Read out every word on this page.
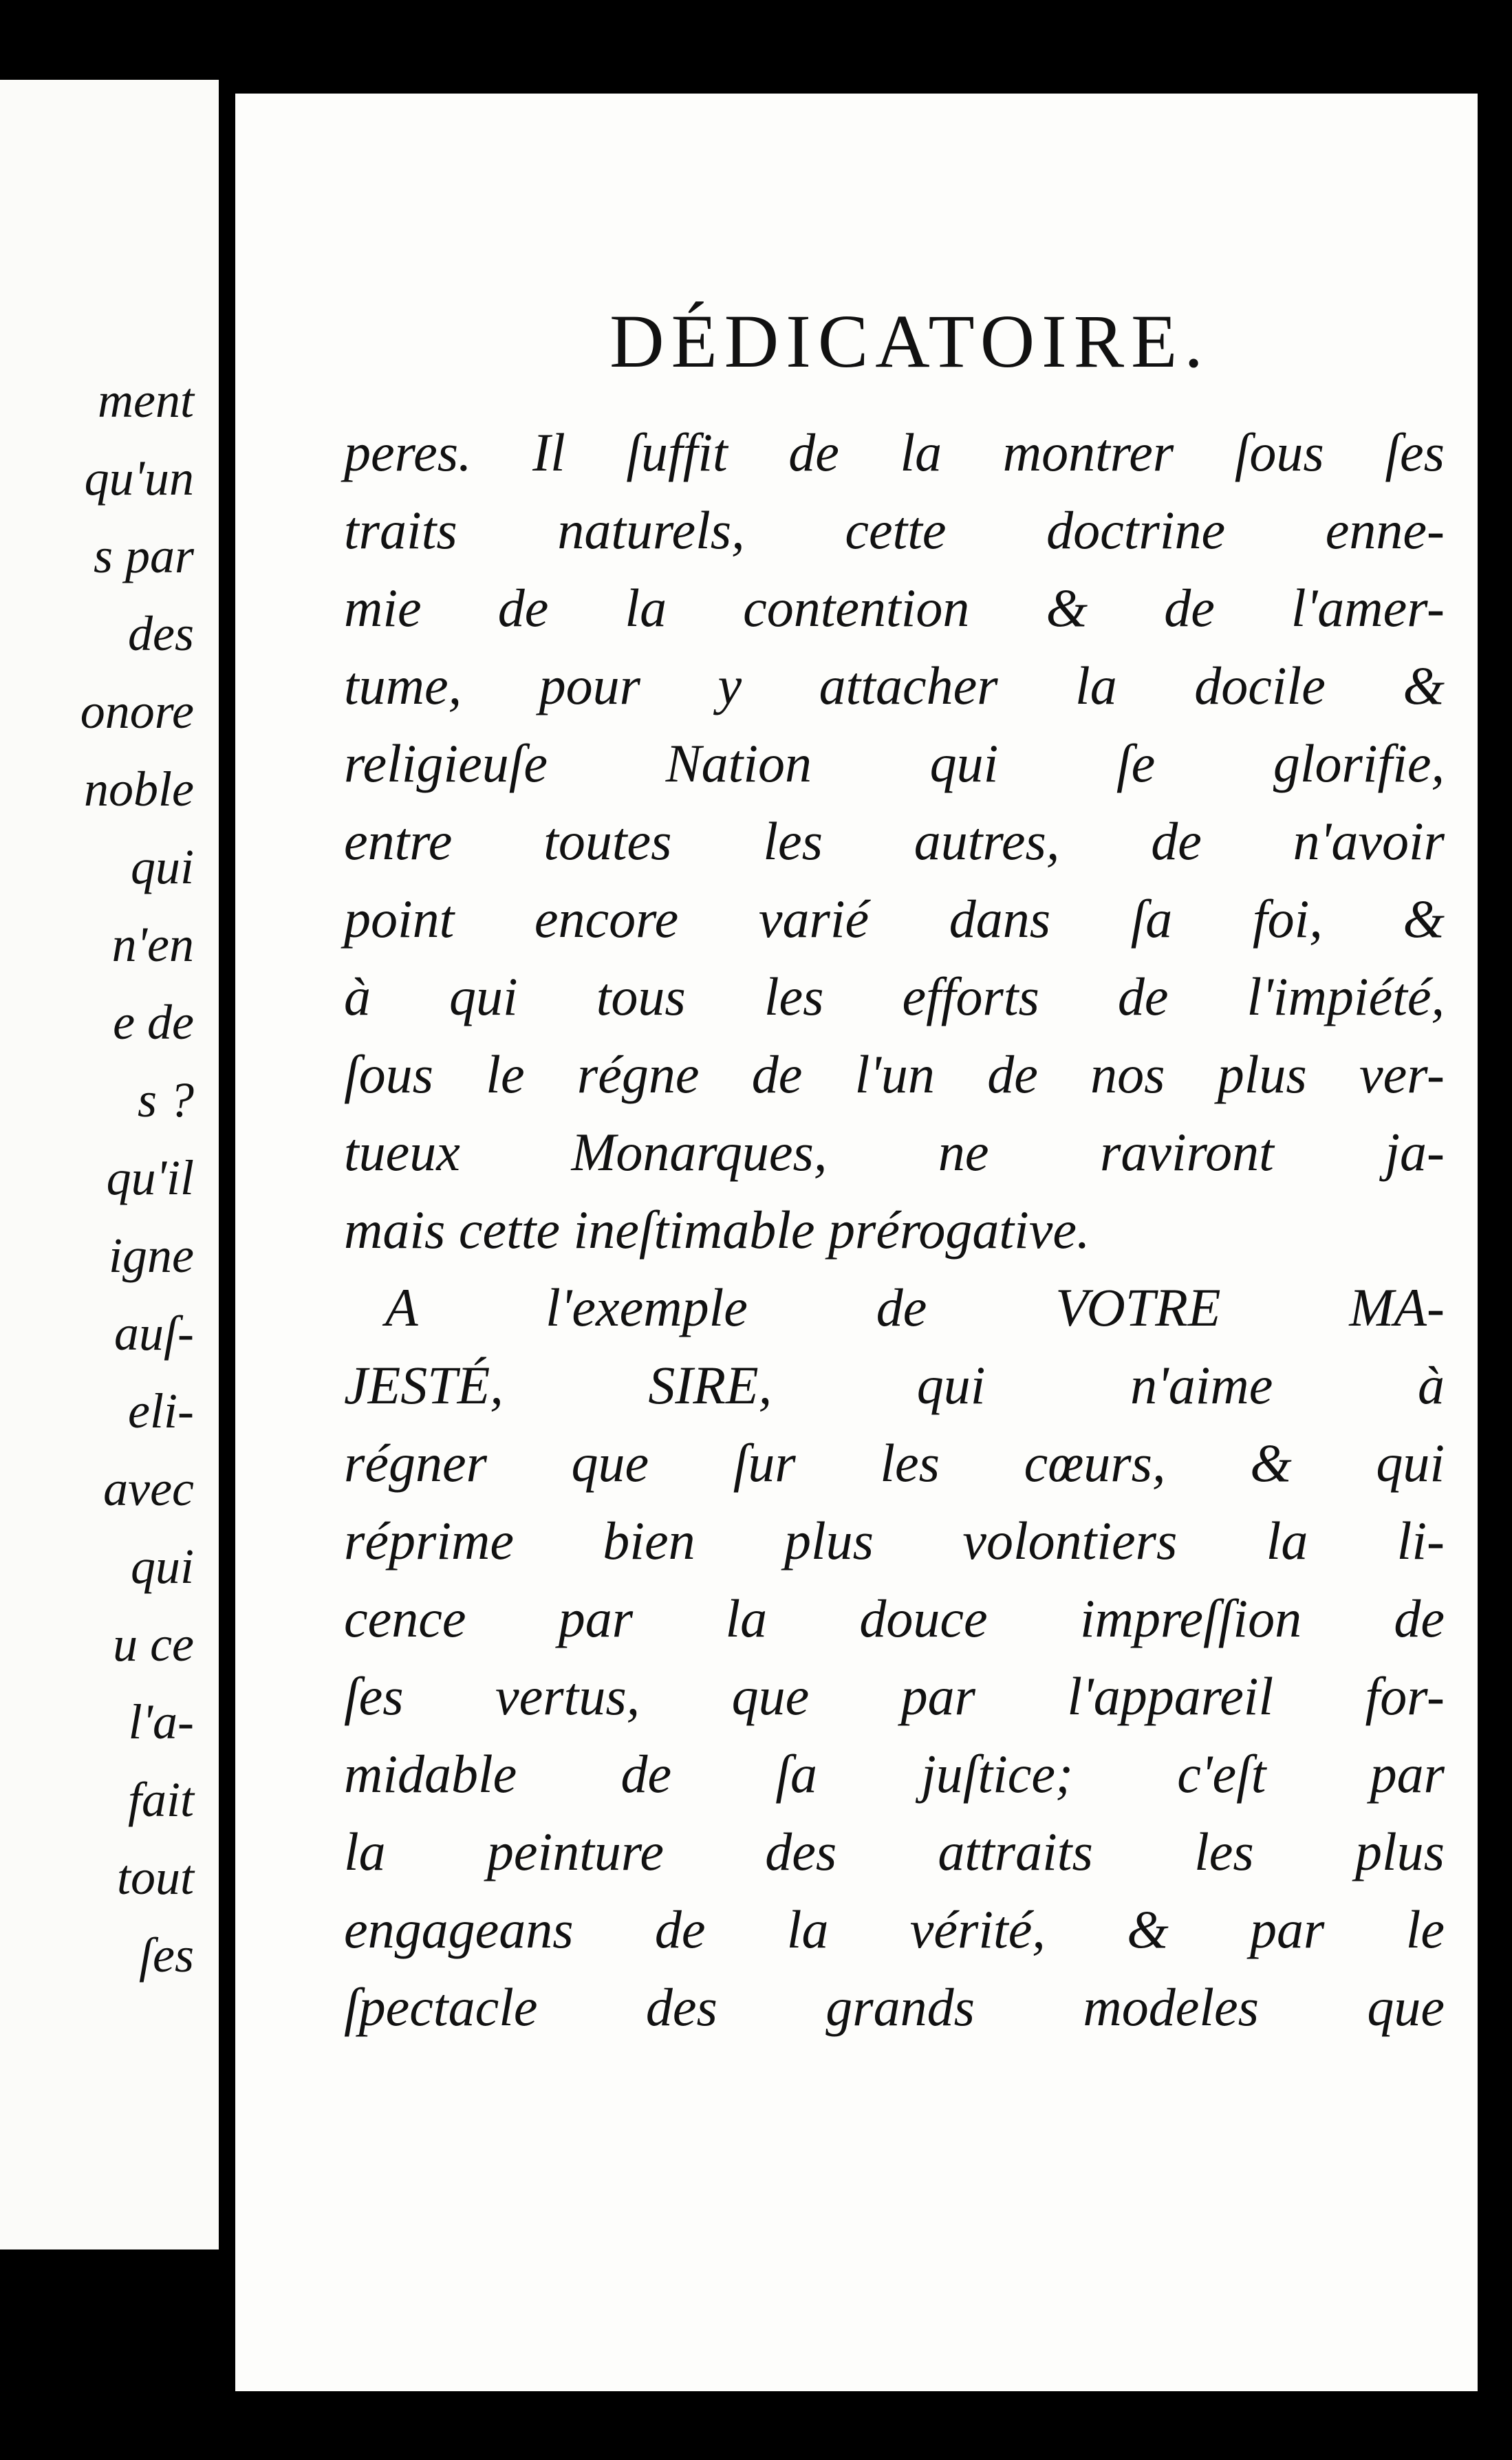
ment

qu'un

s par

des

onore

noble

qui

n'en

e de

s ?

qu'il

igne

auſ-

eli-

avec

qui

u ce

l'a-

fait

tout

ſes

DÉDICATOIRE.

peres. Il ſuffit de la montrer ſous ſes

traits naturels, cette doctrine enne-

mie de la contention & de l'amer-

tume, pour y attacher la docile &

religieuſe Nation qui ſe glorifie,

entre toutes les autres, de n'avoir

point encore varié dans ſa foi, &

à qui tous les efforts de l'impiété,

ſous le régne de l'un de nos plus ver-

tueux Monarques, ne raviront ja-

mais cette ineſtimable prérogative.

A l'exemple de VOTRE MA-

JESTÉ, SIRE, qui n'aime à

régner que ſur les cœurs, & qui

réprime bien plus volontiers la li-

cence par la douce impreſſion de

ſes vertus, que par l'appareil for-

midable de ſa juſtice; c'eſt par

la peinture des attraits les plus

engageans de la vérité, & par le

ſpectacle des grands modeles que
